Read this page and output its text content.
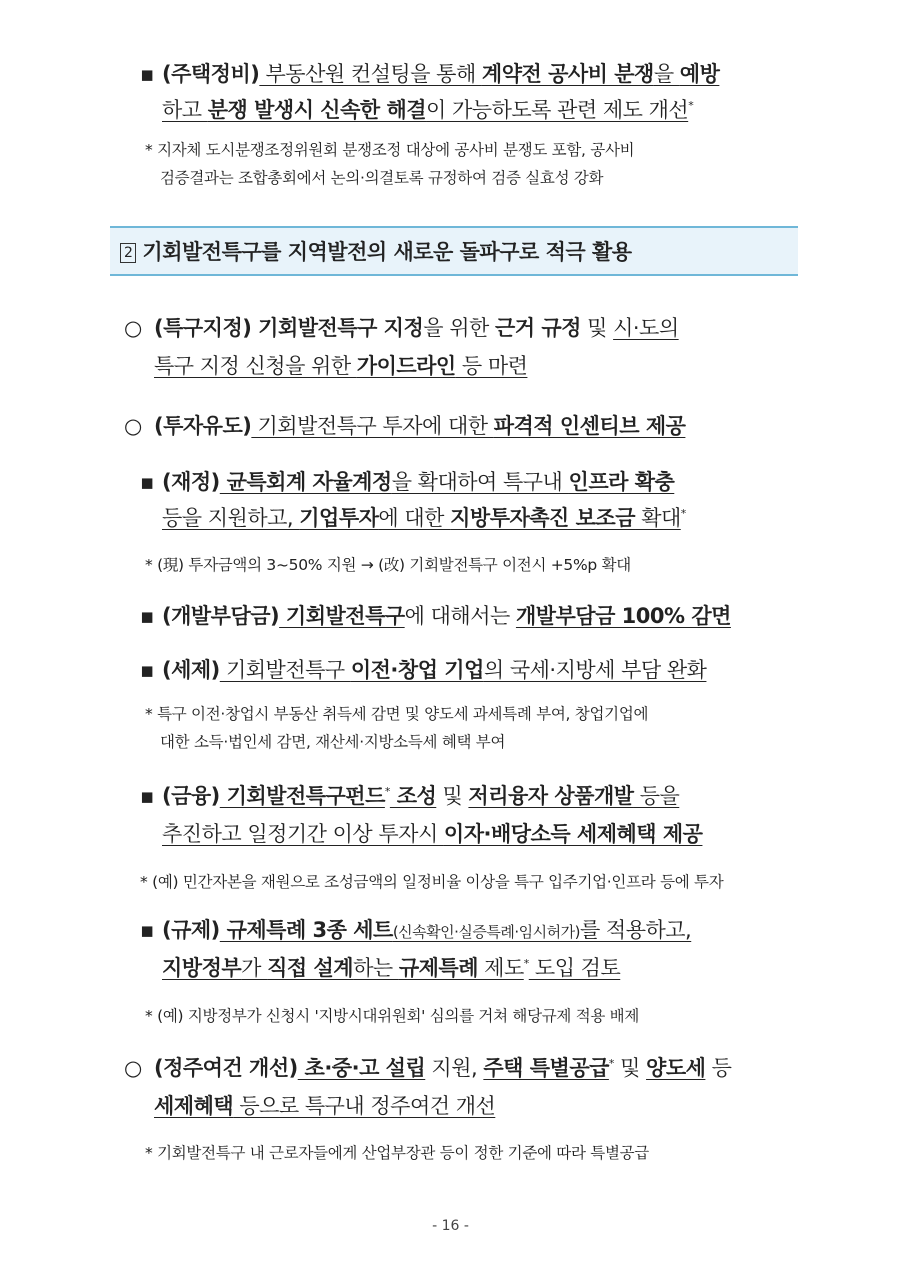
▪ (주택정비) 부동산원 컨설팅을 통해 계약전 공사비 분쟁을 예방
하고 분쟁 발생시 신속한 해결이 가능하도록 관련 제도 개선*
* 지자체 도시분쟁조정위원회 분쟁조정 대상에 공사비 분쟁도 포함, 공사비
검증결과는 조합총회에서 논의·의결토록 규정하여 검증 실효성 강화
2 기회발전특구를 지역발전의 새로운 돌파구로 적극 활용
○ (특구지정) 기회발전특구 지정을 위한 근거 규정 및 시·도의
특구 지정 신청을 위한 가이드라인 등 마련
○ (투자유도) 기회발전특구 투자에 대한 파격적 인센티브 제공
▪ (재정) 균특회계 자율계정을 확대하여 특구내 인프라 확충
등을 지원하고, 기업투자에 대한 지방투자촉진 보조금 확대*
* (現) 투자금액의 3~50% 지원 → (改) 기회발전특구 이전시 +5%p 확대
▪ (개발부담금) 기회발전특구에 대해서는 개발부담금 100% 감면
▪ (세제) 기회발전특구 이전·창업 기업의 국세·지방세 부담 완화
* 특구 이전·창업시 부동산 취득세 감면 및 양도세 과세특례 부여, 창업기업에
대한 소득·법인세 감면, 재산세·지방소득세 혜택 부여
▪ (금융) 기회발전특구펀드* 조성 및 저리융자 상품개발 등을
추진하고 일정기간 이상 투자시 이자·배당소득 세제혜택 제공
* (예) 민간자본을 재원으로 조성금액의 일정비율 이상을 특구 입주기업·인프라 등에 투자
▪ (규제) 규제특례 3종 세트(신속확인·실증특례·임시허가)를 적용하고,
지방정부가 직접 설계하는 규제특례 제도* 도입 검토
* (예) 지방정부가 신청시 '지방시대위원회' 심의를 거쳐 해당규제 적용 배제
○ (정주여건 개선) 초·중·고 설립 지원, 주택 특별공급* 및 양도세 등
세제혜택 등으로 특구내 정주여건 개선
* 기회발전특구 내 근로자들에게 산업부장관 등이 정한 기준에 따라 특별공급
- 16 -
